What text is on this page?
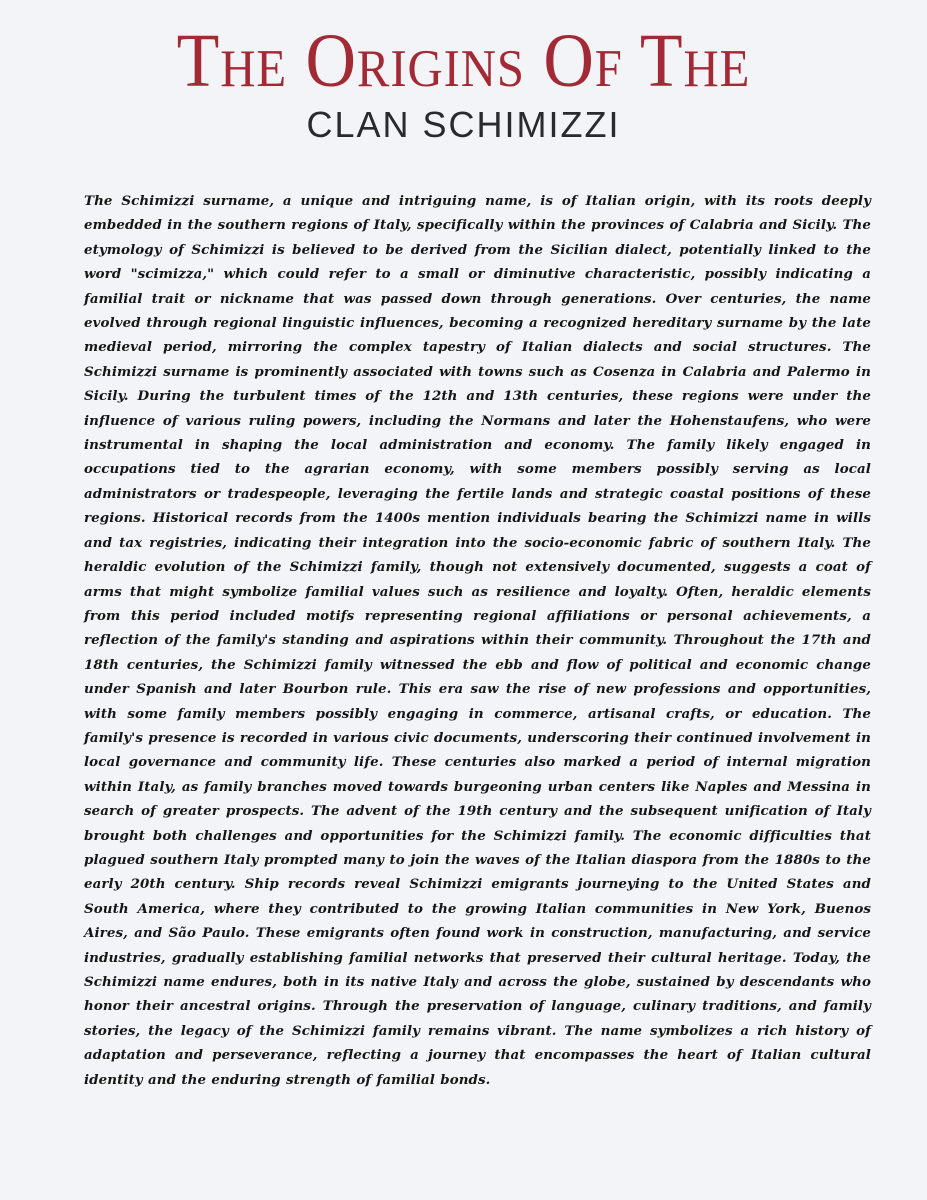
The Origins Of The
CLAN SCHIMIZZI

The Schimizzi surname, a unique and intriguing name, is of Italian origin, with its roots deeply embedded in the southern regions of Italy, specifically within the provinces of Calabria and Sicily. The etymology of Schimizzi is believed to be derived from the Sicilian dialect, potentially linked to the word "scimizza," which could refer to a small or diminutive characteristic, possibly indicating a familial trait or nickname that was passed down through generations. Over centuries, the name evolved through regional linguistic influences, becoming a recognized hereditary surname by the late medieval period, mirroring the complex tapestry of Italian dialects and social structures. The Schimizzi surname is prominently associated with towns such as Cosenza in Calabria and Palermo in Sicily. During the turbulent times of the 12th and 13th centuries, these regions were under the influence of various ruling powers, including the Normans and later the Hohenstaufens, who were instrumental in shaping the local administration and economy. The family likely engaged in occupations tied to the agrarian economy, with some members possibly serving as local administrators or tradespeople, leveraging the fertile lands and strategic coastal positions of these regions. Historical records from the 1400s mention individuals bearing the Schimizzi name in wills and tax registries, indicating their integration into the socio-economic fabric of southern Italy. The heraldic evolution of the Schimizzi family, though not extensively documented, suggests a coat of arms that might symbolize familial values such as resilience and loyalty. Often, heraldic elements from this period included motifs representing regional affiliations or personal achievements, a reflection of the family's standing and aspirations within their community. Throughout the 17th and 18th centuries, the Schimizzi family witnessed the ebb and flow of political and economic change under Spanish and later Bourbon rule. This era saw the rise of new professions and opportunities, with some family members possibly engaging in commerce, artisanal crafts, or education. The family's presence is recorded in various civic documents, underscoring their continued involvement in local governance and community life. These centuries also marked a period of internal migration within Italy, as family branches moved towards burgeoning urban centers like Naples and Messina in search of greater prospects. The advent of the 19th century and the subsequent unification of Italy brought both challenges and opportunities for the Schimizzi family. The economic difficulties that plagued southern Italy prompted many to join the waves of the Italian diaspora from the 1880s to the early 20th century. Ship records reveal Schimizzi emigrants journeying to the United States and South America, where they contributed to the growing Italian communities in New York, Buenos Aires, and São Paulo. These emigrants often found work in construction, manufacturing, and service industries, gradually establishing familial networks that preserved their cultural heritage. Today, the Schimizzi name endures, both in its native Italy and across the globe, sustained by descendants who honor their ancestral origins. Through the preservation of language, culinary traditions, and family stories, the legacy of the Schimizzi family remains vibrant. The name symbolizes a rich history of adaptation and perseverance, reflecting a journey that encompasses the heart of Italian cultural identity and the enduring strength of familial bonds.
